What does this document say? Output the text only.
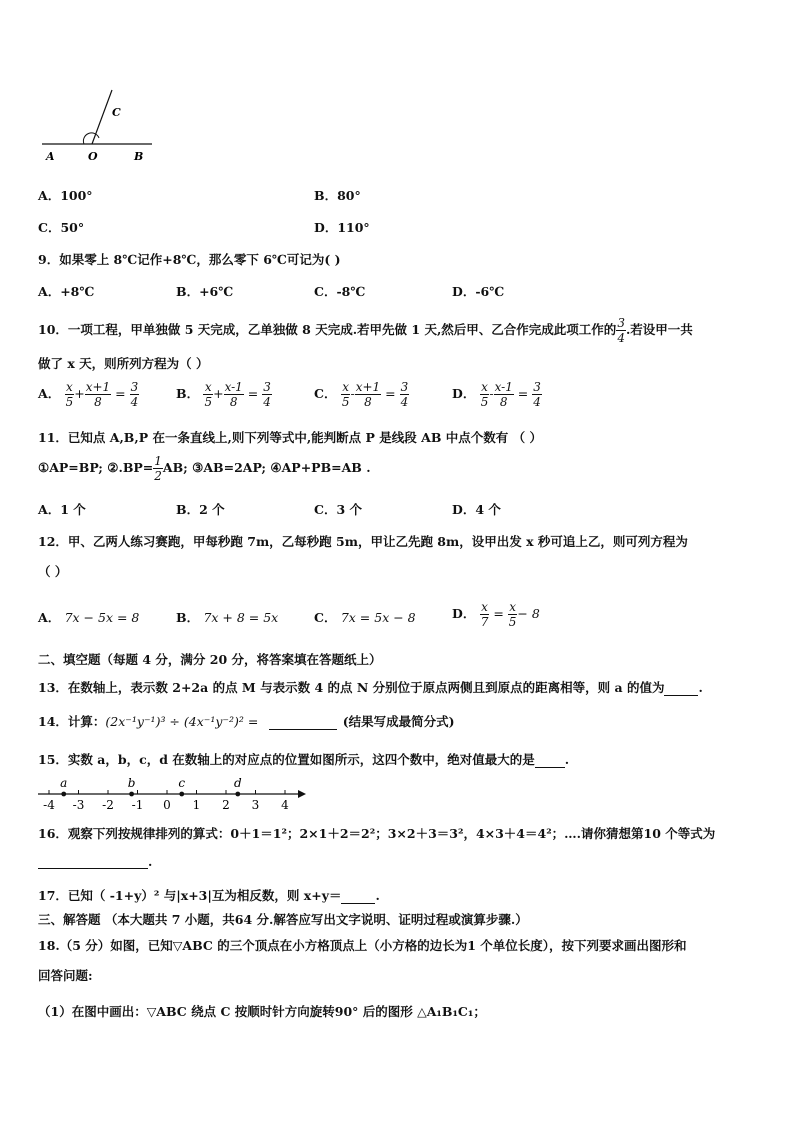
C
A	O	B
A．100°	B．80°
C．50°	D．110°
9．如果零上 8℃记作+8℃，那么零下 6℃可记为( )
A．+8℃	B．+6℃	C．-8℃	D．-6℃
10．一项工程，甲单独做 5 天完成，乙单独做 8 天完成.若甲先做 1 天,然后甲、乙合作完成此项工作的 $\frac{3}{4}$ .若设甲一共
做了 x 天，则所列方程为（ ）
A． $\frac{x}{5} + \frac{x+1}{8} = \frac{3}{4}$	B． $\frac{x}{5} + \frac{x-1}{8} = \frac{3}{4}$	C． $\frac{x}{5} - \frac{x+1}{8} = \frac{3}{4}$	D． $\frac{x}{5} - \frac{x-1}{8} = \frac{3}{4}$
11．已知点 A,B,P 在一条直线上,则下列等式中,能判断点 P 是线段 AB 中点个数有 （ ）
①AP=BP; ②.BP= $\frac{1}{2}$ AB; ③AB=2AP; ④AP+PB=AB .
A．1 个	B．2 个	C．3 个	D．4 个
12．甲、乙两人练习赛跑，甲每秒跑 7m，乙每秒跑 5m，甲让乙先跑 8m，设甲出发 x 秒可追上乙，则可列方程为
（ ）
A． 7x − 5x = 8	B． 7x + 8 = 5x	C． 7x = 5x − 8	D． $\frac{x}{7} = \frac{x}{5} - 8$
二、填空题（每题 4 分，满分 20 分，将答案填在答题纸上）
13．在数轴上，表示数 2+2a 的点 M 与表示数 4 的点 N 分别位于原点两侧且到原点的距离相等，则 a 的值为	.
14．计算：(2x⁻¹y⁻¹)³ ÷ (4x⁻¹y⁻²)² =	(结果写成最简分式)
15．实数 a，b，c，d 在数轴上的对应点的位置如图所示，这四个数中，绝对值最大的是 .
-4 -3 -2 -1 0 1 2 3 4
a	b	c	d
16．观察下列按规律排列的算式：0＋1＝1²；2×1＋2＝2²；3×2＋3＝3²，4×3＋4＝4²；….请你猜想第10 个等式为
.
17．已知（ -1+y）² 与|x+3|互为相反数，则 x+y＝	.
三、解答题 （本大题共 7 小题，共64 分.解答应写出文字说明、证明过程或演算步骤.）
18.（5 分）如图，已知▽ABC 的三个顶点在小方格顶点上（小方格的边长为1 个单位长度），按下列要求画出图形和
回答问题:
（1）在图中画出：▽ABC 绕点 C 按顺时针方向旋转90° 后的图形 △A₁B₁C₁；
